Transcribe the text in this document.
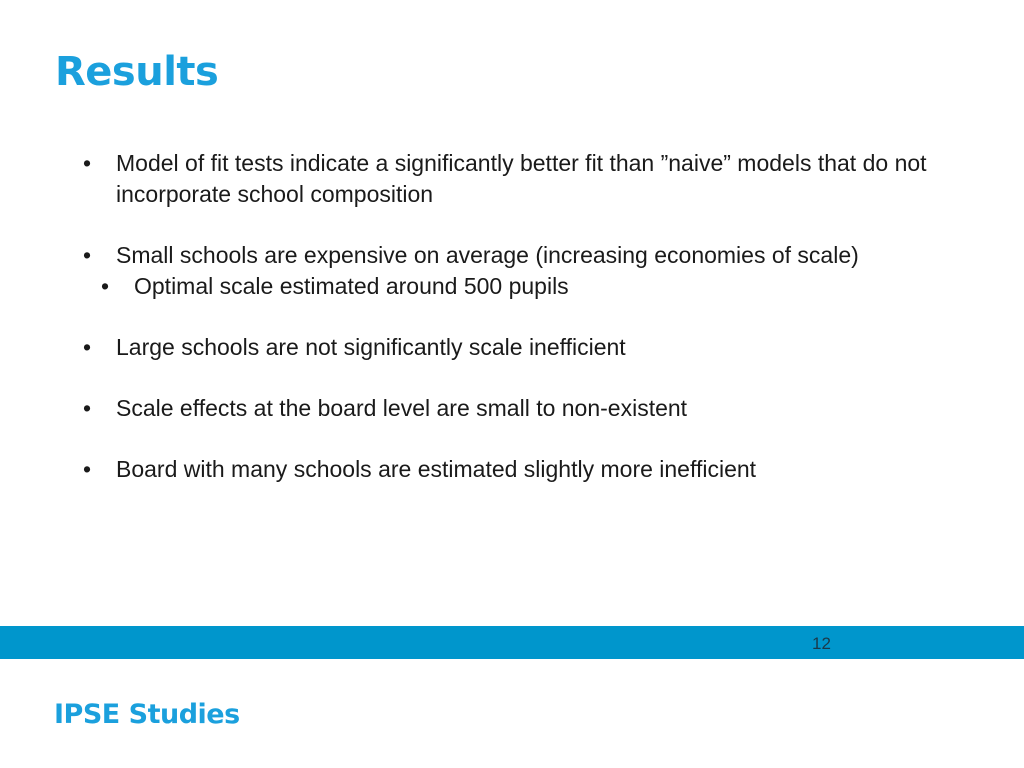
Results
• Model of fit tests indicate a significantly better fit than ”naive” models that do not incorporate school composition
• Small schools are expensive on average (increasing economies of scale)
• Optimal scale estimated around 500 pupils
• Large schools are not significantly scale inefficient
• Scale effects at the board level are small to non-existent
• Board with many schools are estimated slightly more inefficient
12
IPSE Studies
